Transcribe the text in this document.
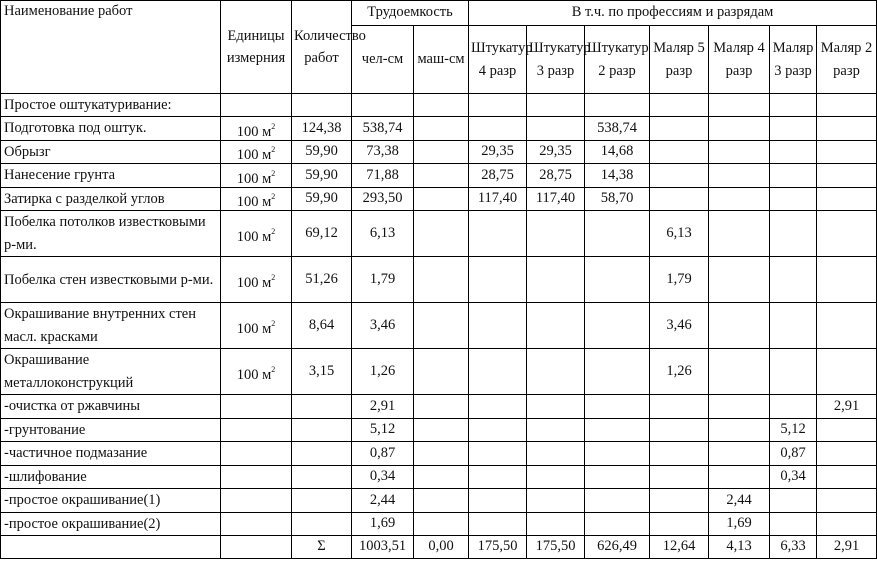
Наименование работ	Единицы измерния	Количество работ	Трудоемкость		В т.ч. по профессиям и разрядам						
			чел-см	маш-см	Штукатур 4 разр	Штукатур 3 разр	Штукатур 2 разр	Маляр 5 разр	Маляр 4 разр	Маляр 3 разр	Маляр 2 разр
Простое оштукатуривание:											
Подготовка под оштук.	100 $м^2$	124,38	538,74				538,74				
Обрызг	100 $м^2$	59,90	73,38		29,35	29,35	14,68				
Нанесение грунта	100 $м^2$	59,90	71,88		28,75	28,75	14,38				
Затирка с разделкой углов	100 $м^2$	59,90	293,50		117,40	117,40	58,70				
Побелка потолков известковыми р-ми.	100 $м^2$	69,12	6,13					6,13			
Побелка стен известковыми р-ми.	100 $м^2$	51,26	1,79					1,79			
Окрашивание внутренних стен масл. красками	100 $м^2$	8,64	3,46					3,46			
Окрашивание металлоконструкций	100 $м^2$	3,15	1,26					1,26			
-очистка от ржавчины			2,91								2,91
-грунтование			5,12							5,12	
-частичное подмазание			0,87							0,87	
-шлифование			0,34							0,34	
-простое окрашивание(1)			2,44						2,44		
-простое окрашивание(2)			1,69						1,69		
		Σ	1003,51	0,00	175,50	175,50	626,49	12,64	4,13	6,33	2,91
